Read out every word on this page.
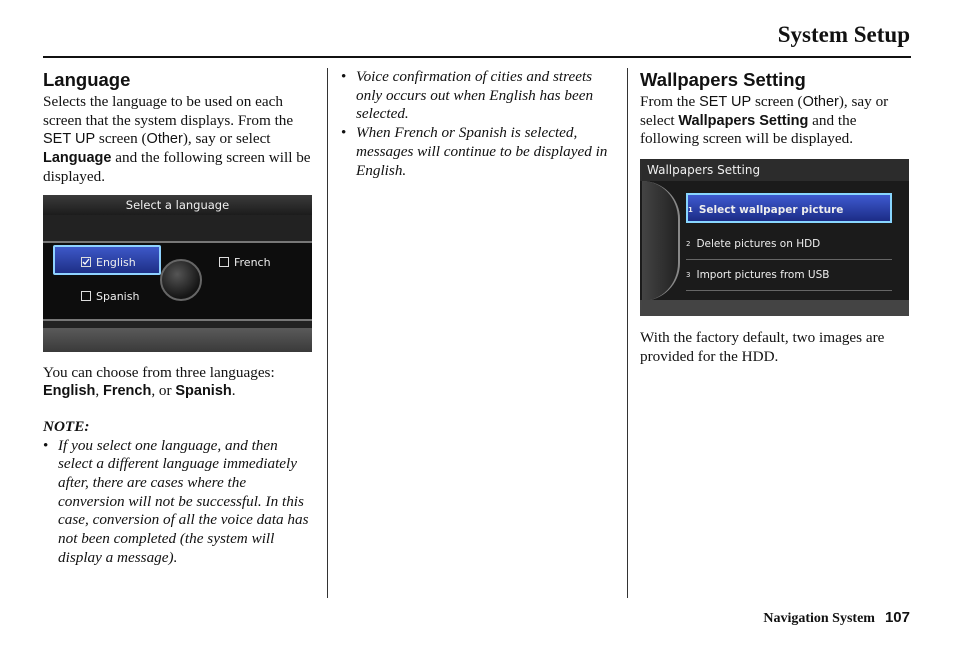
System Setup
Language

Selects the language to be used on each screen that the system displays. From the SET UP screen (Other), say or select Language and the following screen will be displayed.

Select a language
English	French
Spanish

You can choose from three languages: English, French, or Spanish.

NOTE:

• If you select one language, and then select a different language immediately after, there are cases where the conversion will not be successful. In this case, conversion of all the voice data has not been completed (the system will display a message).
• Voice confirmation of cities and streets only occurs out when English has been selected.
• When French or Spanish is selected, messages will continue to be displayed in English.
Wallpapers Setting

From the SET UP screen (Other), say or select Wallpapers Setting and the following screen will be displayed.

Wallpapers Setting
1 Select wallpaper picture
2 Delete pictures on HDD
3 Import pictures from USB

With the factory default, two images are provided for the HDD.

Navigation System 107
